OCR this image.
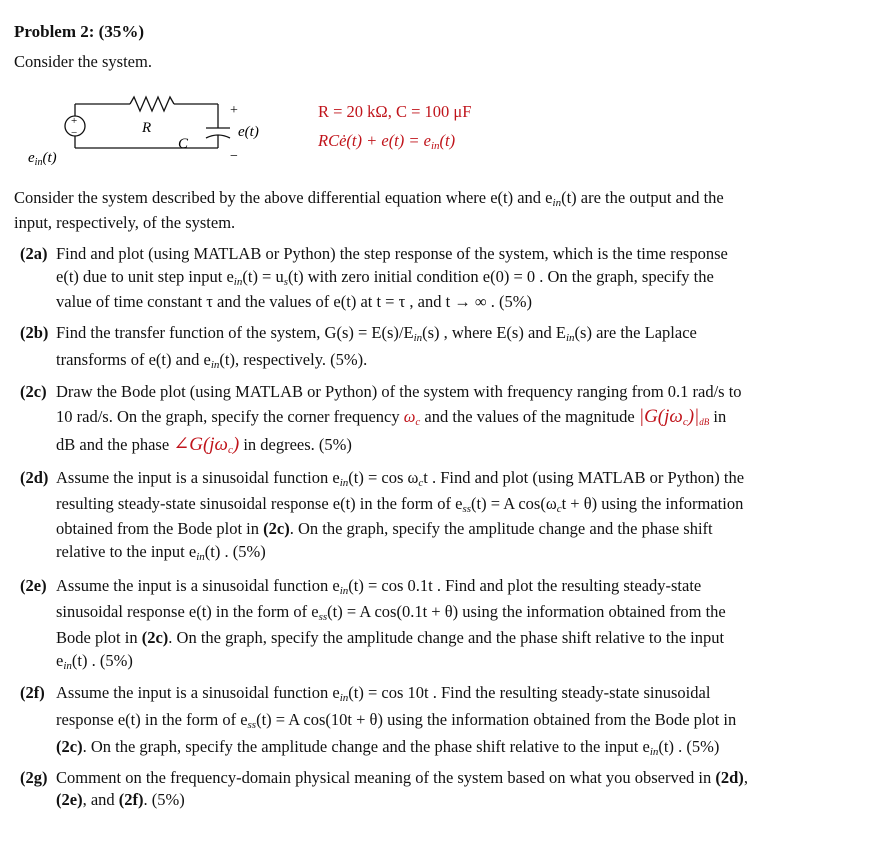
Problem 2: (35%)
Consider the system.
+
−	R
C
+
e(t)
−
$e_{in}(t)$
R = 20 kΩ, C = 100 μF
RCė(t) + $e(t) = e_{in}(t)$
Consider the system described by the above differential equation where e(t) and $e_{in}(t)$ are the output and the
input, respectively, of the system.
(2a) Find and plot (using MATLAB or Python) the step response of the system, which is the time response
e(t) due to unit step input $e_{in}(t) = u_s(t)$ with zero initial condition e(0) = 0 . On the graph, specify the
value of time constant τ and the values of e(t) at t = τ , and t → ∞ . (5%)
(2b) Find the transfer function of the system, $G(s) = E(s)/E_{in}(s)$ , where E(s) and $E_{in}(s)$ are the Laplace
transforms of e(t) and $e_{in}(t)$, respectively. (5%).
(2c) Draw the Bode plot (using MATLAB or Python) of the system with frequency ranging from 0.1 rad/s to
10 rad/s. On the graph, specify the corner frequency $\omega_c$ and the values of the magnitude $|G(j\omega_c)|_{dB}$ in
dB and the phase $\angle G(j\omega_c)$ in degrees. (5%)
(2d) Assume the input is a sinusoidal function $e_{in}(t) = \cos \omega_ct$ . Find and plot (using MATLAB or Python) the
resulting steady-state sinusoidal response e(t) in the form of $e_{ss}(t) = A$ $\cos(\omega_ct + \theta)$ using the information
obtained from the Bode plot in (2c). On the graph, specify the amplitude change and the phase shift
relative to the input $e_{in}(t)$ . (5%)
(2e) Assume the input is a sinusoidal function $e_{in}(t) = \cos 0.1t$ . Find and plot the resulting steady-state
sinusoidal response e(t) in the form of $e_{ss}(t) = A$ cos(0.1t + θ) using the information obtained from the
Bode plot in (2c). On the graph, specify the amplitude change and the phase shift relative to the input
$e_{in}(t)$ . (5%)
(2f) Assume the input is a sinusoidal function $e_{in}(t) = \cos 10t$ . Find the resulting steady-state sinusoidal
response e(t) in the form of $e_{ss}(t) = A$ cos(10t + θ) using the information obtained from the Bode plot in
(2c). On the graph, specify the amplitude change and the phase shift relative to the input $e_{in}(t)$ . (5%)
(2g) Comment on the frequency-domain physical meaning of the system based on what you observed in (2d),
(2e), and (2f). (5%)
